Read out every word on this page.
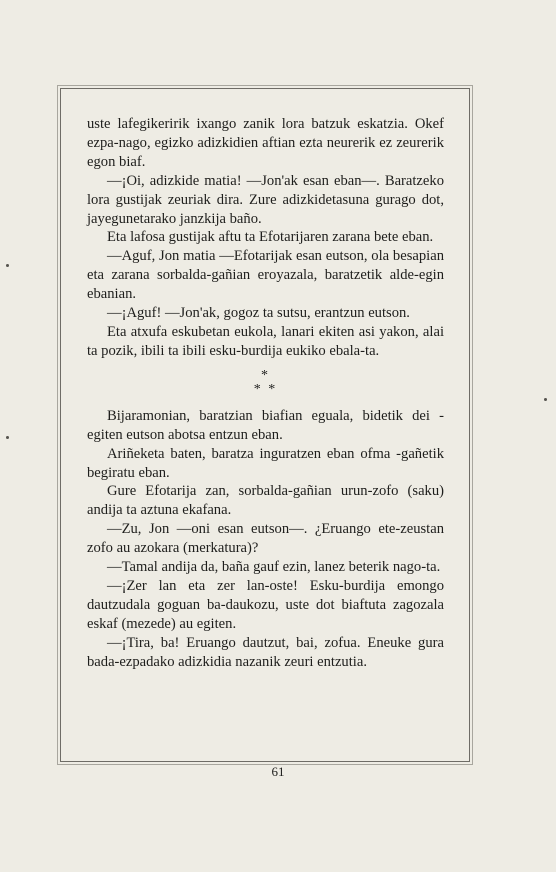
uste lafegikeririk ixango zanik lora batzuk eskatzia. Okef ezpa-nago, egizko adizkidien aftian ezta neurerik ez zeurerik egon biaf.

—¡Oi, adizkide matia! —Jon'ak esan eban—. Baratzeko lora gustijak zeuriak dira. Zure adizkidetasuna gurago dot, jayegunetarako janzkija baño.

Eta lafosa gustijak aftu ta Efotarijaren zarana bete eban.

—Aguf, Jon matia —Efotarijak esan eutson, ola besapian eta zarana sorbalda-gañian eroyazala, baratzetik alde-egin ebanian.

—¡Aguf! —Jon'ak, gogoz ta sutsu, erantzun eutson.

Eta atxufa eskubetan eukola, lanari ekiten asi yakon, alai ta pozik, ibili ta ibili esku-burdija eukiko ebala-ta.

*
* *

Bijaramonian, baratzian biafian eguala, bidetik dei -egiten eutson abotsa entzun eban.

Ariñeketa baten, baratza inguratzen eban ofma -gañetik begiratu eban.

Gure Efotarija zan, sorbalda-gañian urun-zofo (saku) andija ta aztuna ekafana.

—Zu, Jon —oni esan eutson—. ¿Eruango ete-zeustan zofo au azokara (merkatura)?

—Tamal andija da, baña gauf ezin, lanez beterik nago-ta.

—¡Zer lan eta zer lan-oste! Esku-burdija emongo dautzudala goguan ba-daukozu, uste dot biaftuta zagozala eskaf (mezede) au egiten.

—¡Tira, ba! Eruango dautzut, bai, zofua. Eneuke gura bada-ezpadako adizkidia nazanik zeuri entzutia.

61
